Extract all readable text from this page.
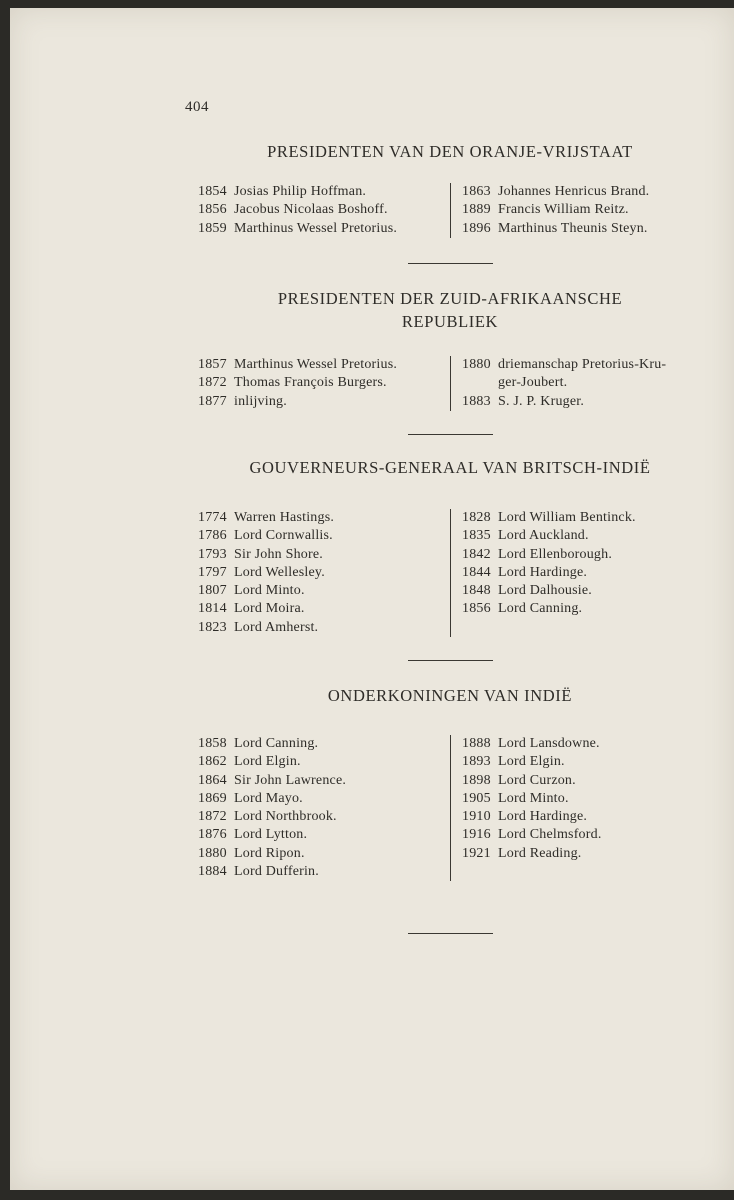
404
PRESIDENTEN VAN DEN ORANJE-VRIJSTAAT
1854 Josias Philip Hoffman.
1856 Jacobus Nicolaas Boshoff.
1859 Marthinus Wessel Pretorius.
1863 Johannes Henricus Brand.
1889 Francis William Reitz.
1896 Marthinus Theunis Steyn.
PRESIDENTEN DER ZUID-AFRIKAANSCHE
REPUBLIEK
1857 Marthinus Wessel Pretorius.
1872 Thomas François Burgers.
1877 inlijving.
1880 driemanschap Pretorius-Kru-
ger-Joubert.
1883 S. J. P. Kruger.
GOUVERNEURS-GENERAAL VAN BRITSCH-INDIË
1774 Warren Hastings.
1786 Lord Cornwallis.
1793 Sir John Shore.
1797 Lord Wellesley.
1807 Lord Minto.
1814 Lord Moira.
1823 Lord Amherst.
1828 Lord William Bentinck.
1835 Lord Auckland.
1842 Lord Ellenborough.
1844 Lord Hardinge.
1848 Lord Dalhousie.
1856 Lord Canning.
ONDERKONINGEN VAN INDIË
1858 Lord Canning.
1862 Lord Elgin.
1864 Sir John Lawrence.
1869 Lord Mayo.
1872 Lord Northbrook.
1876 Lord Lytton.
1880 Lord Ripon.
1884 Lord Dufferin.
1888 Lord Lansdowne.
1893 Lord Elgin.
1898 Lord Curzon.
1905 Lord Minto.
1910 Lord Hardinge.
1916 Lord Chelmsford.
1921 Lord Reading.
